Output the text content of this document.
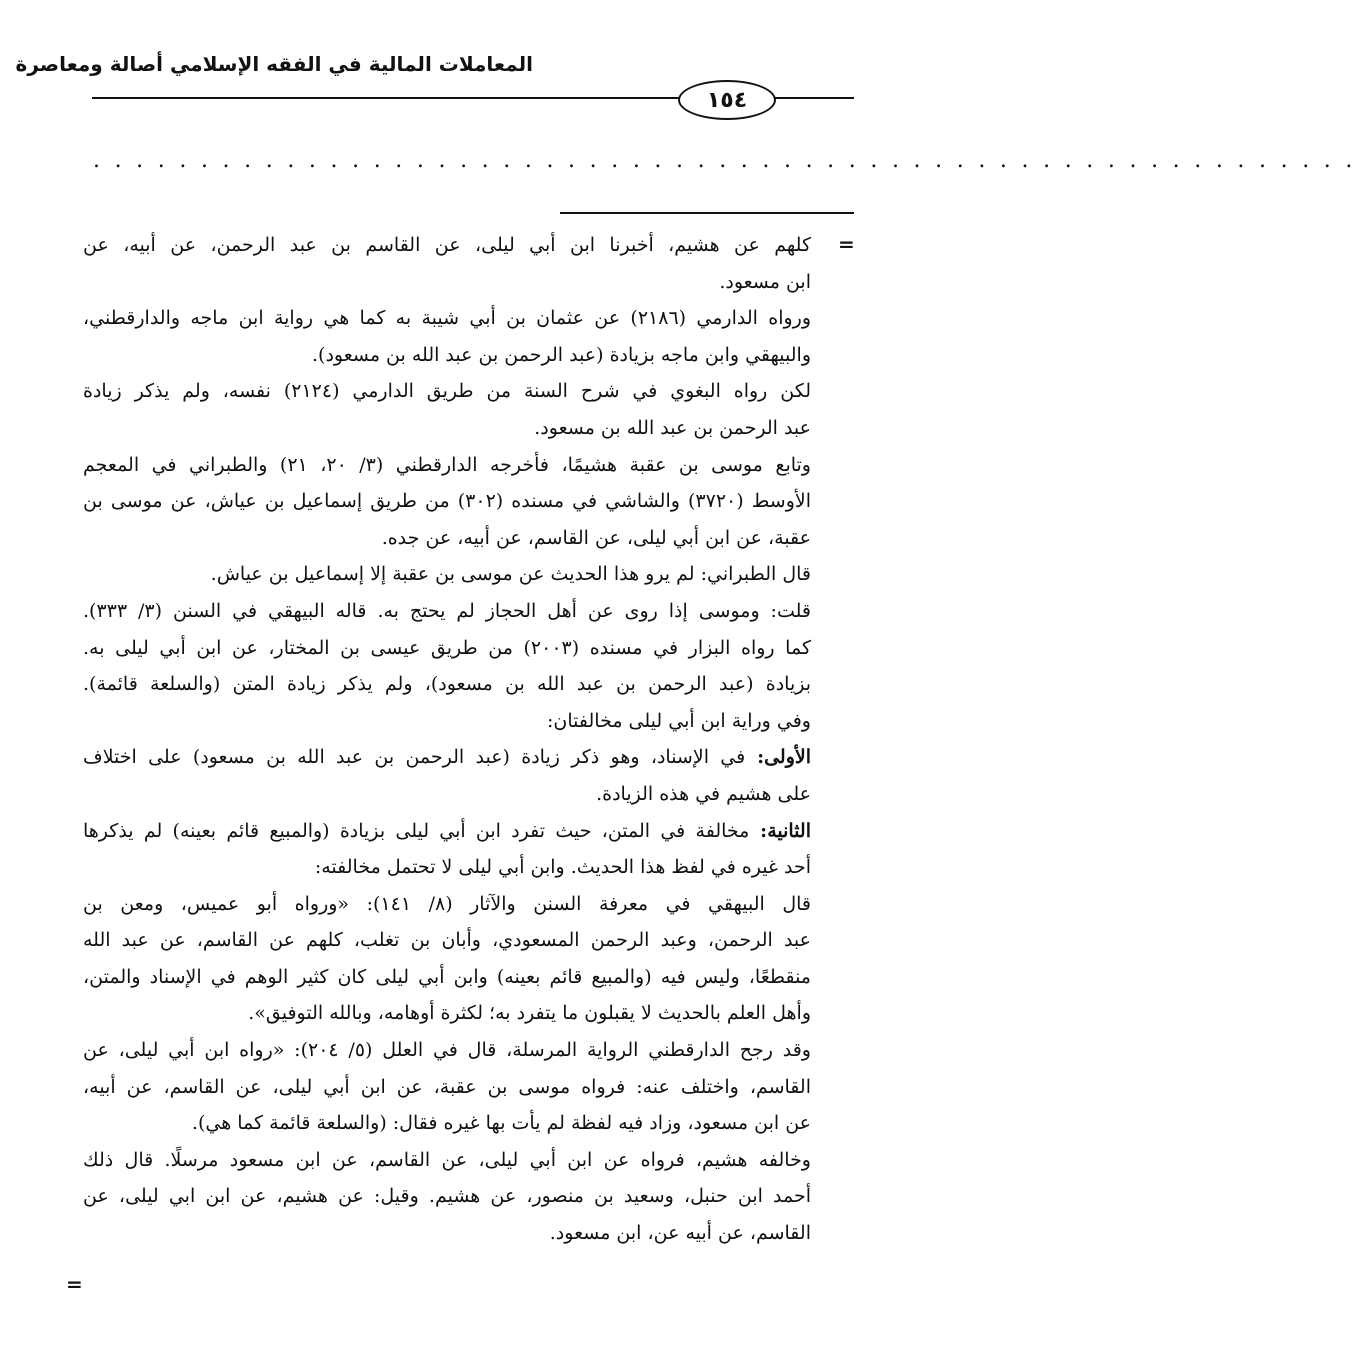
المعاملات المالية في الفقه الإسلامي أصالة ومعاصرة
١٥٤
...........................................................
=
كلهم عن هشيم، أخبرنا ابن أبي ليلى، عن القاسم بن عبد الرحمن، عن أبيه، عن
ابن مسعود.
ورواه الدارمي (٢١٨٦) عن عثمان بن أبي شيبة به كما هي رواية ابن ماجه والدارقطني،
والبيهقي وابن ماجه بزيادة (عبد الرحمن بن عبد الله بن مسعود).
لكن رواه البغوي في شرح السنة من طريق الدارمي (٢١٢٤) نفسه، ولم يذكر زيادة
عبد الرحمن بن عبد الله بن مسعود.
وتابع موسى بن عقبة هشيمًا، فأخرجه الدارقطني (٣/ ٢٠، ٢١) والطبراني في المعجم
الأوسط (٣٧٢٠) والشاشي في مسنده (٣٠٢) من طريق إسماعيل بن عياش، عن موسى بن
عقبة، عن ابن أبي ليلى، عن القاسم، عن أبيه، عن جده.
قال الطبراني: لم يرو هذا الحديث عن موسى بن عقبة إلا إسماعيل بن عياش.
قلت: وموسى إذا روى عن أهل الحجاز لم يحتج به. قاله البيهقي في السنن (٣/ ٣٣٣).
كما رواه البزار في مسنده (٢٠٠٣) من طريق عيسى بن المختار، عن ابن أبي ليلى به.
بزيادة (عبد الرحمن بن عبد الله بن مسعود)، ولم يذكر زيادة المتن (والسلعة قائمة).
وفي وراية ابن أبي ليلى مخالفتان:
الأولى: في الإسناد، وهو ذكر زيادة (عبد الرحمن بن عبد الله بن مسعود) على اختلاف
على هشيم في هذه الزيادة.
الثانية: مخالفة في المتن، حيث تفرد ابن أبي ليلى بزيادة (والمبيع قائم بعينه) لم يذكرها
أحد غيره في لفظ هذا الحديث. وابن أبي ليلى لا تحتمل مخالفته:
قال البيهقي في معرفة السنن والآثار (٨/ ١٤١): «ورواه أبو عميس، ومعن بن
عبد الرحمن، وعبد الرحمن المسعودي، وأبان بن تغلب، كلهم عن القاسم، عن عبد الله
منقطعًا، وليس فيه (والمبيع قائم بعينه) وابن أبي ليلى كان كثير الوهم في الإسناد والمتن،
وأهل العلم بالحديث لا يقبلون ما يتفرد به؛ لكثرة أوهامه، وبالله التوفيق».
وقد رجح الدارقطني الرواية المرسلة، قال في العلل (٥/ ٢٠٤): «رواه ابن أبي ليلى، عن
القاسم، واختلف عنه: فرواه موسى بن عقبة، عن ابن أبي ليلى، عن القاسم، عن أبيه،
عن ابن مسعود، وزاد فيه لفظة لم يأت بها غيره فقال: (والسلعة قائمة كما هي).
وخالفه هشيم، فرواه عن ابن أبي ليلى، عن القاسم، عن ابن مسعود مرسلًا. قال ذلك
أحمد ابن حنبل، وسعيد بن منصور، عن هشيم. وقيل: عن هشيم، عن ابن ابي ليلى، عن
القاسم، عن أبيه عن، ابن مسعود.
=
